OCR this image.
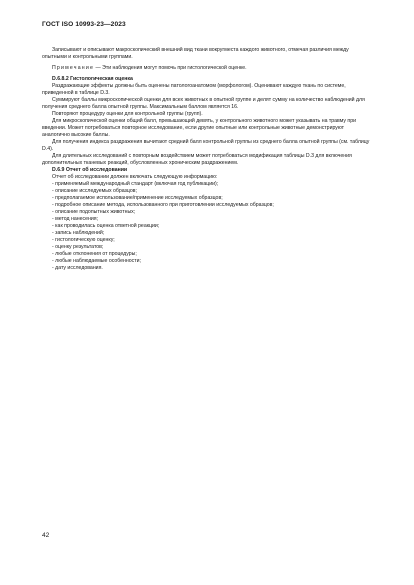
ГОСТ ISO 10993-23—2023

Записывают и описывают макроскопический внешний вид ткани вокругместа каждого животного, отмечая различия между опытными и контрольными группами.

Примечание — Эти наблюдения могут помочь при гистологической оценке.

D.6.8.2 Гистологическая оценка

Раздражающие эффекты должны быть оценены патологоанатомом (морфологом). Оценивают каждую ткань по системе, приведенной в таблице D.3.

Суммируют баллы микроскопической оценки для всех животных в опытной группе и делят сумму на количество наблюдений для получения среднего балла опытной группы. Максимальным баллом является 16.

Повторяют процедуру оценки для контрольной группы (групп).

Для микроскопической оценки общий балл, превышающий девять, у контрольного животного может указывать на травму при введении. Может потребоваться повторное исследование, если другие опытные или контрольные животные демонстрируют аналогично высокие баллы.

Для получения индекса раздражения вычитают средний балл контрольной группы из среднего балла опытной группы (см. таблицу D.4).

Для длительных исследований с повторным воздействием может потребоваться модификация таблицы D.3 для включения дополнительных тканевых реакций, обусловленных хроническим раздражением.

D.6.9 Отчет об исследовании

Отчет об исследовании должен включать следующую информацию:

- применяемый международный стандарт (включая год публикации);
- описание исследуемых образцов;
- предполагаемое использование/применение исследуемых образцов;
- подробное описание метода, использованного при приготовлении исследуемых образцов;
- описание подопытных животных;
- метод нанесения;
- как проводилась оценка ответной реакции;
- запись наблюдений;
- гистологическую оценку;
- оценку результатов;
- любые отклонения от процедуры;
- любые наблюдаемые особенности;
- дату исследования.
42
